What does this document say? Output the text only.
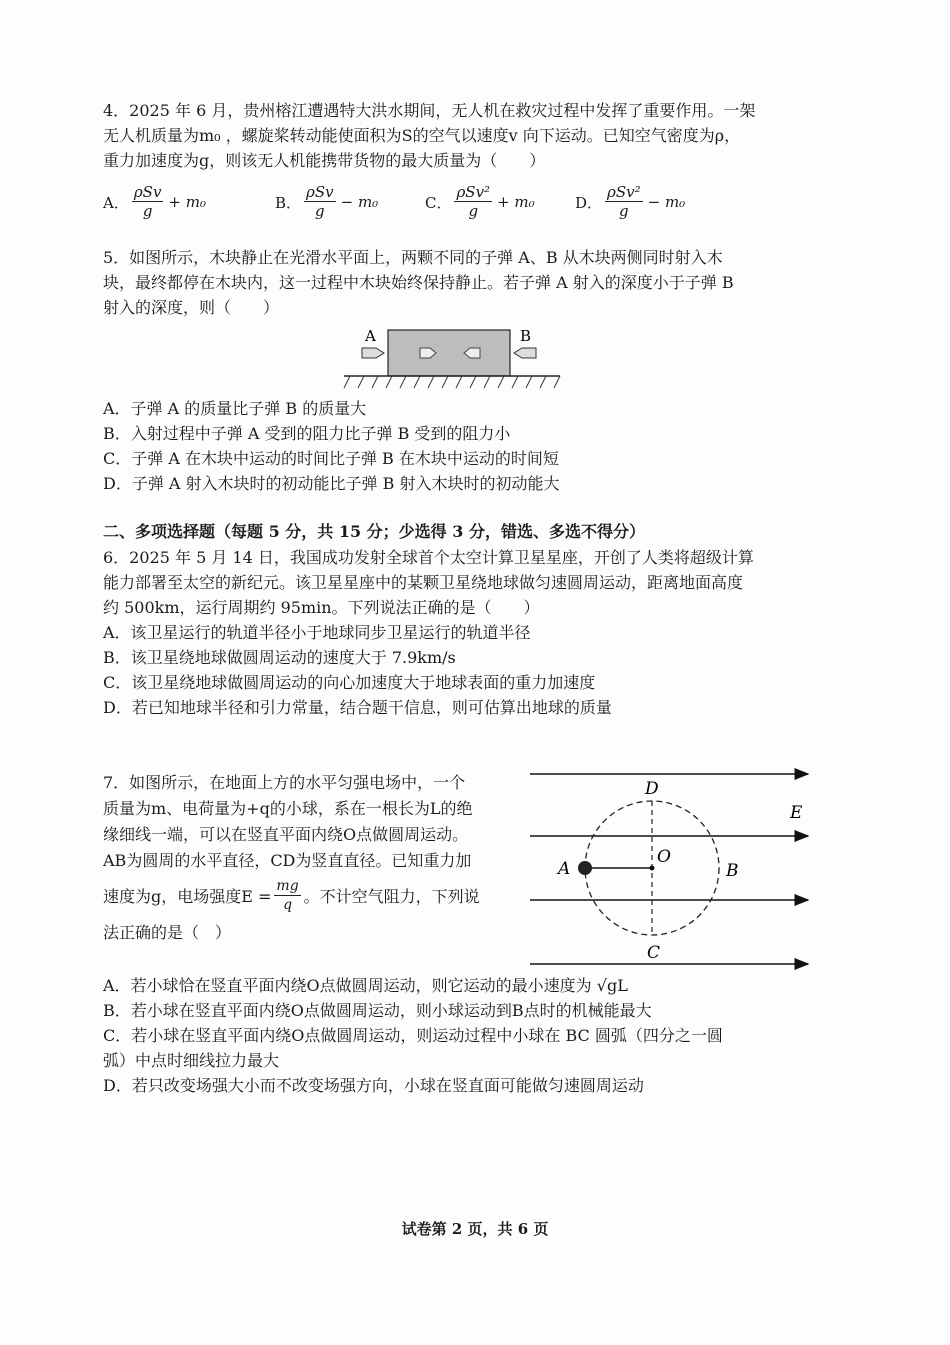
4．2025 年 6 月，贵州榕江遭遇特大洪水期间，无人机在救灾过程中发挥了重要作用。一架
无人机质量为m₀ ，螺旋桨转动能使面积为S的空气以速度v 向下运动。已知空气密度为ρ，
重力加速度为g，则该无人机能携带货物的最大质量为（　　）
A． $\frac{\text{ρSv}}{g} + m_0$	B． $\frac{\text{ρSv}}{g} - m_0$	C． $\frac{\text{ρSv²}}{g} + m_0$	D． $\frac{\text{ρSv²}}{g} - m_0$
5．如图所示，木块静止在光滑水平面上，两颗不同的子弹 A、B 从木块两侧同时射入木
块，最终都停在木块内，这一过程中木块始终保持静止。若子弹 A 射入的深度小于子弹 B
射入的深度，则（　　）
A	B
A．子弹 A 的质量比子弹 B 的质量大
B．入射过程中子弹 A 受到的阻力比子弹 B 受到的阻力小
C．子弹 A 在木块中运动的时间比子弹 B 在木块中运动的时间短
D．子弹 A 射入木块时的初动能比子弹 B 射入木块时的初动能大
二、多项选择题（每题 5 分，共 15 分；少选得 3 分，错选、多选不得分）
6．2025 年 5 月 14 日，我国成功发射全球首个太空计算卫星星座，开创了人类将超级计算
能力部署至太空的新纪元。该卫星星座中的某颗卫星绕地球做匀速圆周运动，距离地面高度
约 500km，运行周期约 95min。下列说法正确的是（　　）
A．该卫星运行的轨道半径小于地球同步卫星运行的轨道半径
B．该卫星绕地球做圆周运动的速度大于 7.9km/s
C．该卫星绕地球做圆周运动的向心加速度大于地球表面的重力加速度
D．若已知地球半径和引力常量，结合题干信息，则可估算出地球的质量
7．如图所示，在地面上方的水平匀强电场中，一个
质量为m、电荷量为+q的小球，系在一根长为L的绝
缘细线一端，可以在竖直平面内绕O点做圆周运动。
AB为圆周的水平直径，CD为竖直直径。已知重力加
速度为g，电场强度$E = \frac{mg}{q}$ 。不计空气阻力，下列说
法正确的是（　）
D
E
A
O
B
C
A．若小球恰在竖直平面内绕O点做圆周运动，则它运动的最小速度为 √gL
B．若小球在竖直平面内绕O点做圆周运动，则小球运动到B点时的机械能最大
C．若小球在竖直平面内绕O点做圆周运动，则运动过程中小球在 BC 圆弧（四分之一圆
弧）中点时细线拉力最大
D．若只改变场强大小而不改变场强方向，小球在竖直面可能做匀速圆周运动
试卷第 2 页，共 6 页
